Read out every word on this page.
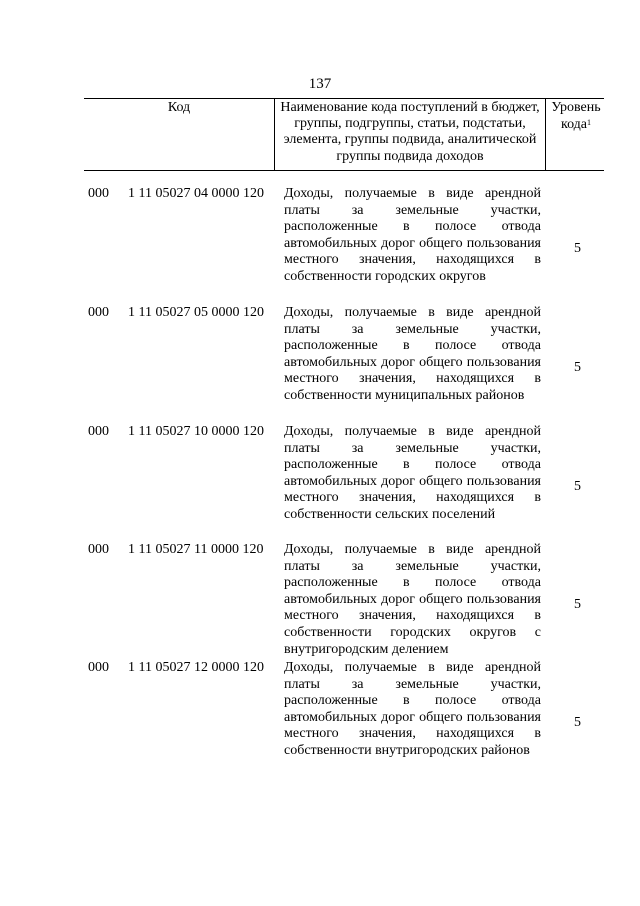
137
Код	Наименование кода поступлений в бюджет, группы, подгруппы, статьи, подстатьи, элемента, группы подвида, аналитической группы подвида доходов
Уровень кода$^1$
000 1 11 05027 04 0000 120 Доходы, получаемые в виде арендной платы за земельные участки, расположенные в полосе отвода автомобильных дорог общего пользования местного значения, находящихся в собственности городских округов
5
000 1 11 05027 05 0000 120 Доходы, получаемые в виде арендной платы за земельные участки, расположенные в полосе отвода автомобильных дорог общего пользования местного значения, находящихся в собственности муниципальных районов
5
000 1 11 05027 10 0000 120 Доходы, получаемые в виде арендной платы за земельные участки, расположенные в полосе отвода автомобильных дорог общего пользования местного значения, находящихся в собственности сельских поселений
5
000 1 11 05027 11 0000 120 Доходы, получаемые в виде арендной платы за земельные участки, расположенные в полосе отвода автомобильных дорог общего пользования местного значения, находящихся в собственности городских округов с внутригородским делением
5
000 1 11 05027 12 0000 120 Доходы, получаемые в виде арендной платы за земельные участки, расположенные в полосе отвода автомобильных дорог общего пользования местного значения, находящихся в собственности внутригородских районов
5
